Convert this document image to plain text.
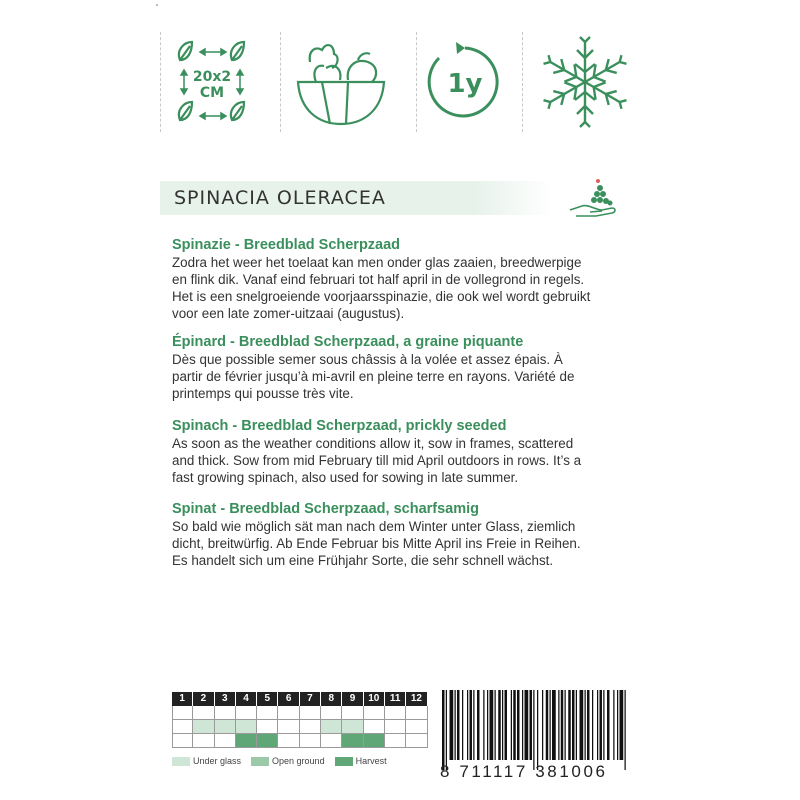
20x2
CM	1y
SPINACIA OLERACEA
Spinazie - Breedblad Scherpzaad
Zodra het weer het toelaat kan men onder glas zaaien, breedwerpige
en flink dik. Vanaf eind februari tot half april in de vollegrond in regels.
Het is een snelgroeiende voorjaarsspinazie, die ook wel wordt gebruikt
voor een late zomer-uitzaai (augustus).
Épinard - Breedblad Scherpzaad, a graine piquante
Dès que possible semer sous châssis à la volée et assez épais. À
partir de février jusqu’à mi-avril en pleine terre en rayons. Variété de
printemps qui pousse très vite.
Spinach - Breedblad Scherpzaad, prickly seeded
As soon as the weather conditions allow it, sow in frames, scattered
and thick. Sow from mid February till mid April outdoors in rows. It’s a
fast growing spinach, also used for sowing in late summer.
Spinat - Breedblad Scherpzaad, scharfsamig
So bald wie möglich sät man nach dem Winter unter Glass, ziemlich
dicht, breitwürfig. Ab Ende Februar bis Mitte April ins Freie in Reihen.
Es handelt sich um eine Frühjahr Sorte, die sehr schnell wächst.
1	2	3	4	5	6	7	8	9	10	11	12
Under glass	Open ground	Harvest
8 711117 381006
